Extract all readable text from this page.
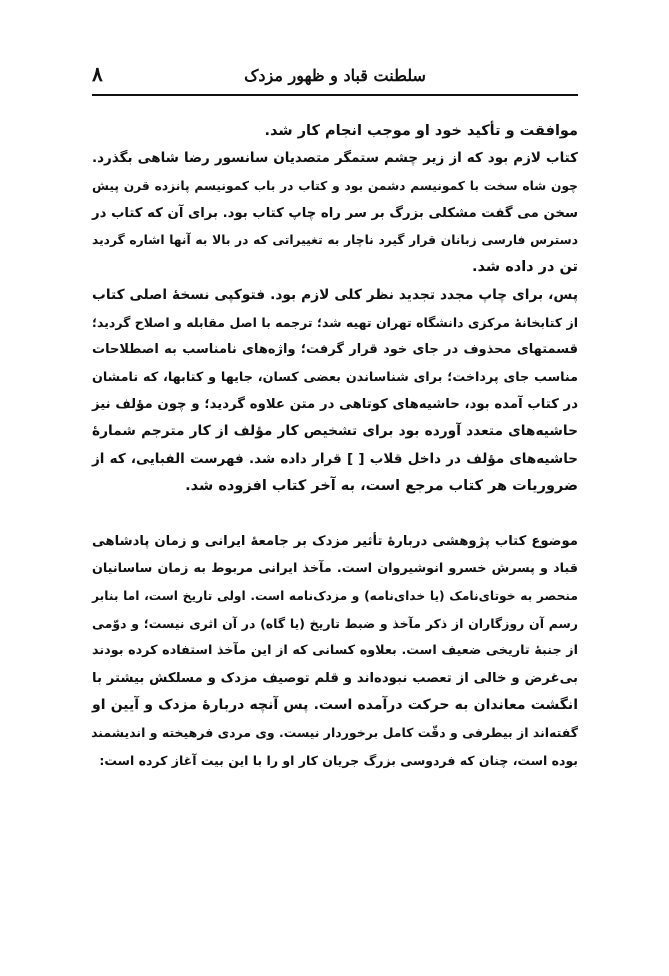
۸	سلطنت قباد و ظهور مزدک
موافقت و تأکید خود او موجب انجام کار شد.
کتاب لازم بود که از زیر چشم ستمگر متصدیان سانسور رضا شاهی بگذرد.
چون شاه سخت با کمونیسم دشمن بود و کتاب در باب کمونیسم پانزده قرن پیش
سخن می گفت مشکلی بزرگ بر سر راه چاپ کتاب بود. برای آن که کتاب در
دسترس فارسی زبانان قرار گیرد ناچار به تغییراتی که در بالا به آنها اشاره گردید
تن در داده شد.
پس، برای چاپ مجدد تجدید نظر کلی لازم بود. فتوکپی نسخهٔ اصلی کتاب
از کتابخانهٔ مرکزی دانشگاه تهران تهیه شد؛ ترجمه با اصل مقابله و اصلاح گردید؛
قسمتهای محذوف در جای خود قرار گرفت؛ واژه‌های نامناسب به اصطلاحات
مناسب جای پرداخت؛ برای شناساندن بعضی کسان، جایها و کتابها، که نامشان
در کتاب آمده بود، حاشیه‌های کوتاهی در متن علاوه گردید؛ و چون مؤلف نیز
حاشیه‌های متعدد آورده بود برای تشخیص کار مؤلف از کار مترجم شمارهٔ
حاشیه‌های مؤلف در داخل قلاب [ ] قرار داده شد. فهرست الفبایی، که از
ضروریات هر کتاب مرجع است، به آخر کتاب افزوده شد.
موضوع کتاب پژوهشی دربارهٔ تأثیر مزدک بر جامعهٔ ایرانی و زمان پادشاهی
قباد و پسرش خسرو انوشیروان است. مآخذ ایرانی مربوط به زمان ساسانیان
منحصر به خوتای‌نامک (یا خدای‌نامه) و مزدک‌نامه است. اولی تاریخ است، اما بنابر
رسم آن روزگاران از ذکر مآخذ و ضبط تاریخ (یا گاه) در آن اثری نیست؛ و دوّمی
از جنبهٔ تاریخی ضعیف است. بعلاوه کسانی که از این مآخذ استفاده کرده بودند
بی‌غرض و خالی از تعصب نبوده‌اند و قلم توصیف مزدک و مسلکش بیشتر با
انگشت معاندان به حرکت درآمده است. پس آنچه دربارهٔ مزدک و آیین او
گفته‌اند از بیطرفی و دقّت کامل برخوردار نیست. وی مردی فرهیخته و اندیشمند
بوده است، چنان که فردوسی بزرگ جریان کار او را با این بیت آغاز کرده است:
